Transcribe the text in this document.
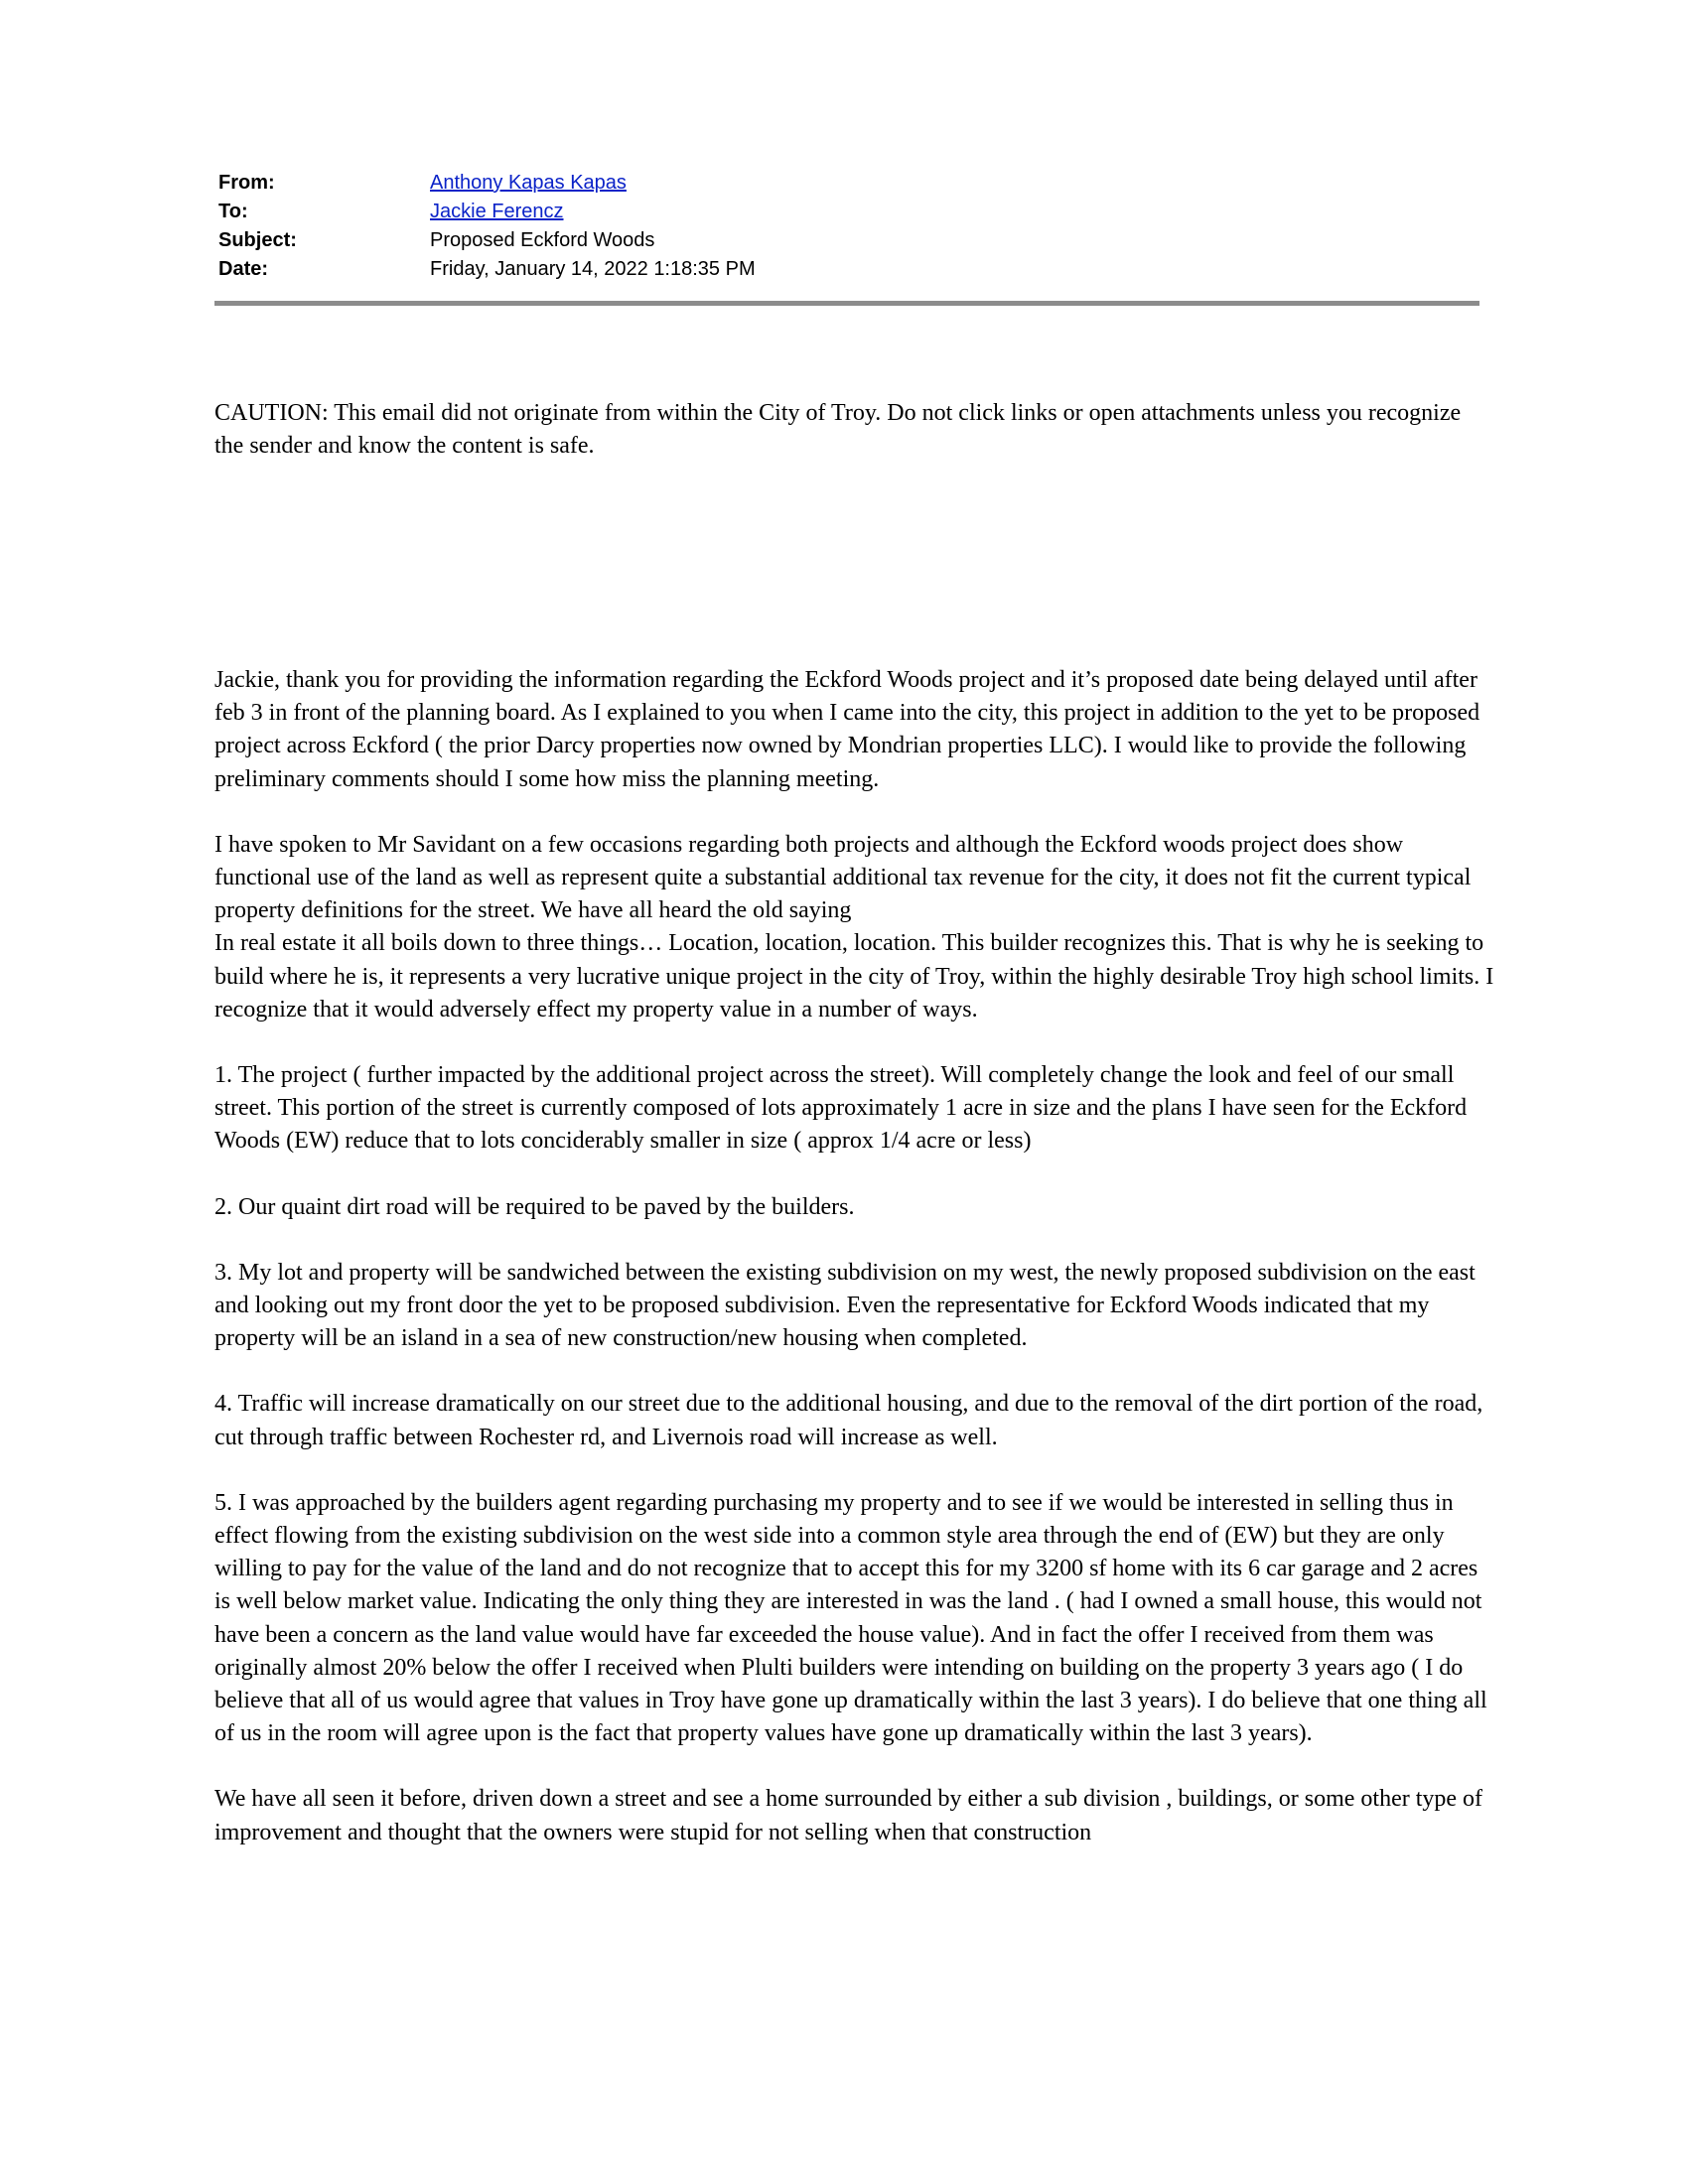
From:	Anthony Kapas Kapas
To:	Jackie Ferencz
Subject:	Proposed Eckford Woods
Date:	Friday, January 14, 2022 1:18:35 PM

CAUTION: This email did not originate from within the City of Troy. Do not click links or open attachments unless you recognize the sender and know the content is safe.

Jackie, thank you for providing the information regarding the Eckford Woods project and it’s proposed date being delayed until after feb 3 in front of the planning board. As I explained to you when I came into the city, this project in addition to the yet to be proposed project across Eckford ( the prior Darcy properties now owned by Mondrian properties LLC). I would like to provide the following preliminary comments should I some how miss the planning meeting.

I have spoken to Mr Savidant on a few occasions regarding both projects and although the Eckford woods project does show functional use of the land as well as represent quite a substantial additional tax revenue for the city, it does not fit the current typical property definitions for the street. We have all heard the old saying

In real estate it all boils down to three things… Location, location, location. This builder recognizes this. That is why he is seeking to build where he is, it represents a very lucrative unique project in the city of Troy, within the highly desirable Troy high school limits. I recognize that it would adversely effect my property value in a number of ways.

1. The project ( further impacted by the additional project across the street). Will completely change the look and feel of our small street. This portion of the street is currently composed of lots approximately 1 acre in size and the plans I have seen for the Eckford Woods (EW) reduce that to lots conciderably smaller in size ( approx 1/4 acre or less)

2. Our quaint dirt road will be required to be paved by the builders.

3. My lot and property will be sandwiched between the existing subdivision on my west, the newly proposed subdivision on the east and looking out my front door the yet to be proposed subdivision. Even the representative for Eckford Woods indicated that my property will be an island in a sea of new construction/new housing when completed.

4. Traffic will increase dramatically on our street due to the additional housing, and due to the removal of the dirt portion of the road, cut through traffic between Rochester rd, and Livernois road will increase as well.

5. I was approached by the builders agent regarding purchasing my property and to see if we would be interested in selling thus in effect flowing from the existing subdivision on the west side into a common style area through the end of (EW) but they are only willing to pay for the value of the land and do not recognize that to accept this for my 3200 sf home with its 6 car garage and 2 acres is well below market value. Indicating the only thing they are interested in was the land . ( had I owned a small house, this would not have been a concern as the land value would have far exceeded the house value). And in fact the offer I received from them was originally almost 20% below the offer I received when Plulti builders were intending on building on the property 3 years ago ( I do believe that all of us would agree that values in Troy have gone up dramatically within the last 3 years). I do believe that one thing all of us in the room will agree upon is the fact that property values have gone up dramatically within the last 3 years).

We have all seen it before, driven down a street and see a home surrounded by either a sub division , buildings, or some other type of improvement and thought that the owners were stupid for not selling when that construction
